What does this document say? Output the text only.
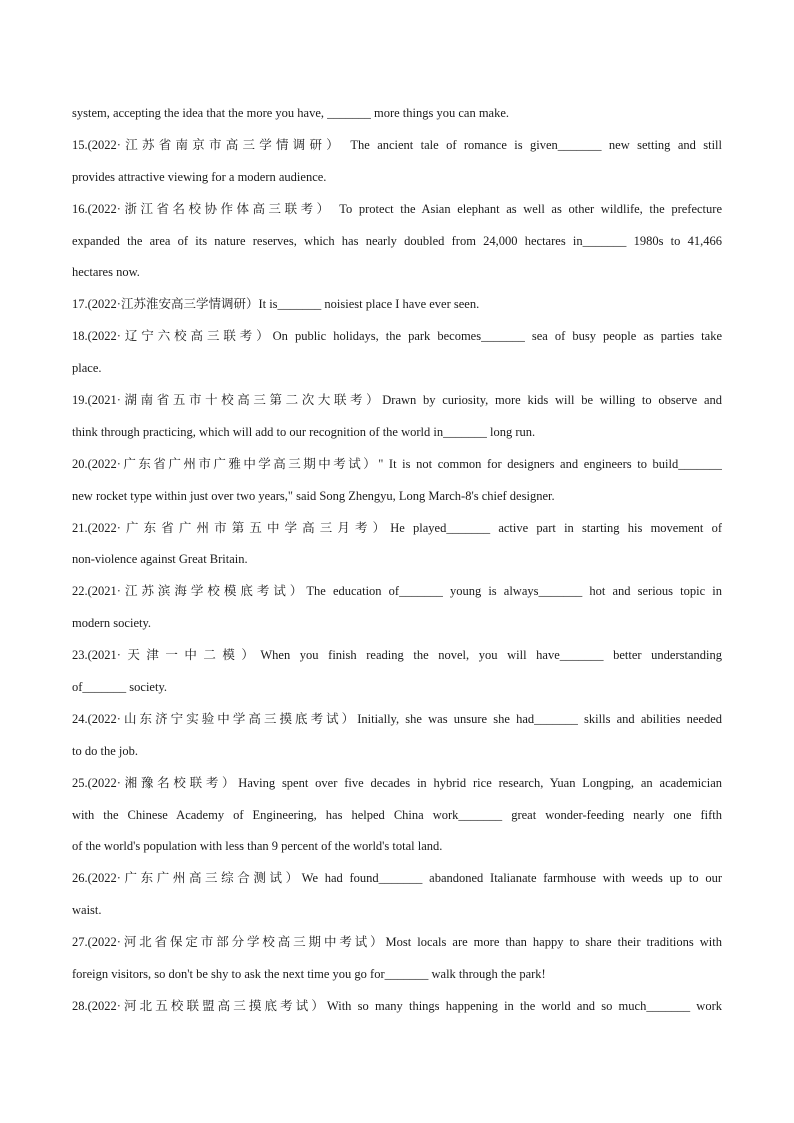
system, accepting the idea that the more you have, _______ more things you can make.
15.(2022·江苏省南京市高三学情调研） The ancient tale of romance is given_______ new setting and still
provides attractive viewing for a modern audience.
16.(2022·浙江省名校协作体高三联考） To protect the Asian elephant as well as other wildlife, the prefecture
expanded the area of its nature reserves, which has nearly doubled from 24,000 hectares in_______ 1980s to 41,466
hectares now.
17.(2022·江苏淮安高三学情调研）It is_______ noisiest place I have ever seen.
18.(2022·辽宁六校高三联考）On public holidays, the park becomes_______ sea of busy people as parties take
place.
19.(2021·湖南省五市十校高三第二次大联考）Drawn by curiosity, more kids will be willing to observe and
think through practicing, which will add to our recognition of the world in_______ long run.
20.(2022·广东省广州市广雅中学高三期中考试）" It is not common for designers and engineers to build_______
new rocket type within just over two years," said Song Zhengyu, Long March-8's chief designer.
21.(2022·广东省广州市第五中学高三月考）He played_______ active part in starting his movement of
non-violence against Great Britain.
22.(2021·江苏滨海学校模底考试）The education of_______ young is always_______ hot and serious topic in
modern society.
23.(2021·天津一中二模）When you finish reading the novel, you will have_______ better understanding
of_______ society.
24.(2022·山东济宁实验中学高三摸底考试）Initially, she was unsure she had_______ skills and abilities needed
to do the job.
25.(2022·湘豫名校联考）Having spent over five decades in hybrid rice research, Yuan Longping, an academician
with the Chinese Academy of Engineering, has helped China work_______ great wonder-feeding nearly one fifth
of the world's population with less than 9 percent of the world's total land.
26.(2022·广东广州高三综合测试）We had found_______ abandoned Italianate farmhouse with weeds up to our
waist.
27.(2022·河北省保定市部分学校高三期中考试）Most locals are more than happy to share their traditions with
foreign visitors, so don't be shy to ask the next time you go for_______ walk through the park!
28.(2022·河北五校联盟高三摸底考试）With so many things happening in the world and so much_______ work
